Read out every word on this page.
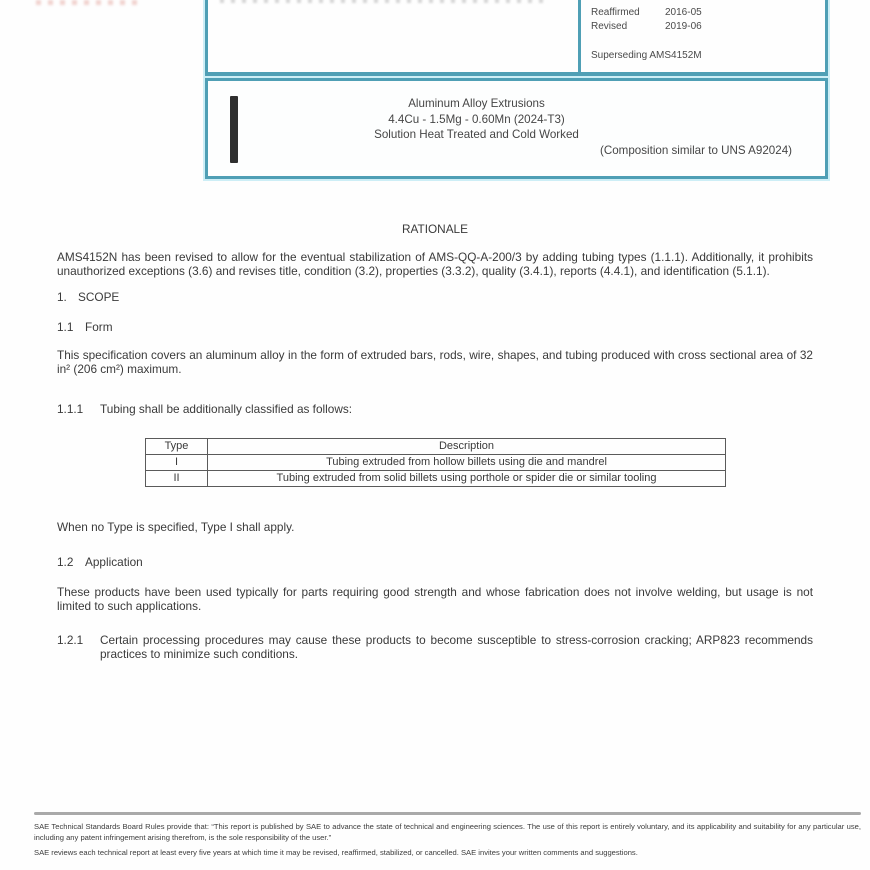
Reaffirmed	2016-05
Revised	2019-06
Superseding AMS4152M
Aluminum Alloy Extrusions
4.4Cu - 1.5Mg - 0.60Mn (2024-T3)
Solution Heat Treated and Cold Worked
(Composition similar to UNS A92024)
RATIONALE
AMS4152N has been revised to allow for the eventual stabilization of AMS-QQ-A-200/3 by adding tubing types (1.1.1). Additionally, it prohibits unauthorized exceptions (3.6) and revises title, condition (3.2), properties (3.3.2), quality (3.4.1), reports (4.4.1), and identification (5.1.1).
1. SCOPE
1.1 Form
This specification covers an aluminum alloy in the form of extruded bars, rods, wire, shapes, and tubing produced with cross sectional area of 32 in² (206 cm²) maximum.
1.1.1 Tubing shall be additionally classified as follows:
Type	Description
I	Tubing extruded from hollow billets using die and mandrel
II	Tubing extruded from solid billets using porthole or spider die or similar tooling
When no Type is specified, Type I shall apply.
1.2 Application
These products have been used typically for parts requiring good strength and whose fabrication does not involve welding, but usage is not limited to such applications.
1.2.1	Certain processing procedures may cause these products to become susceptible to stress-corrosion cracking; ARP823 recommends practices to minimize such conditions.

SAE Technical Standards Board Rules provide that: “This report is published by SAE to advance the state of technical and engineering sciences. The use of this report is entirely voluntary, and its applicability and suitability for any particular use, including any patent infringement arising therefrom, is the sole responsibility of the user.”

SAE reviews each technical report at least every five years at which time it may be revised, reaffirmed, stabilized, or cancelled. SAE invites your written comments and suggestions.
